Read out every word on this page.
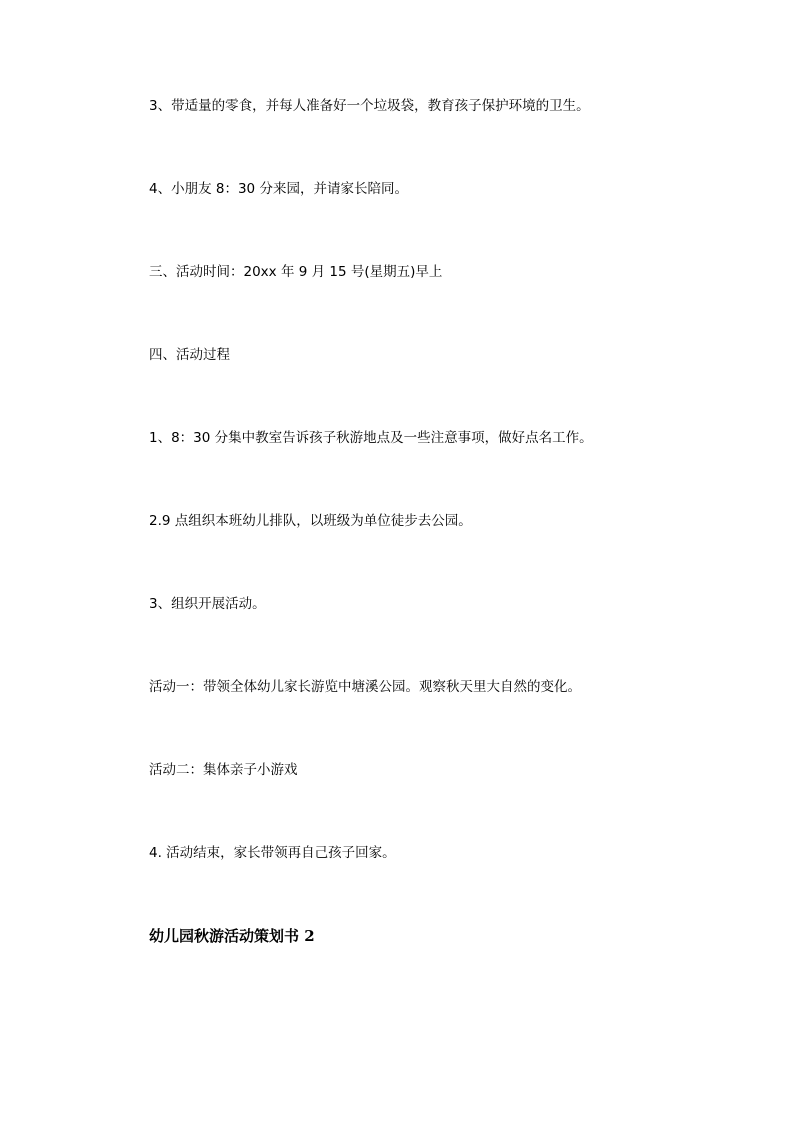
3、带适量的零食，并每人准备好一个垃圾袋，教育孩子保护环境的卫生。

4、小朋友 8：30 分来园，并请家长陪同。

三、活动时间：20xx 年 9 月 15 号(星期五)早上

四、活动过程

1、8：30 分集中教室告诉孩子秋游地点及一些注意事项，做好点名工作。

2.9 点组织本班幼儿排队，以班级为单位徒步去公园。

3、组织开展活动。

活动一：带领全体幼儿家长游览中塘溪公园。观察秋天里大自然的变化。

活动二：集体亲子小游戏

4. 活动结束，家长带领再自己孩子回家。

幼儿园秋游活动策划书 2
